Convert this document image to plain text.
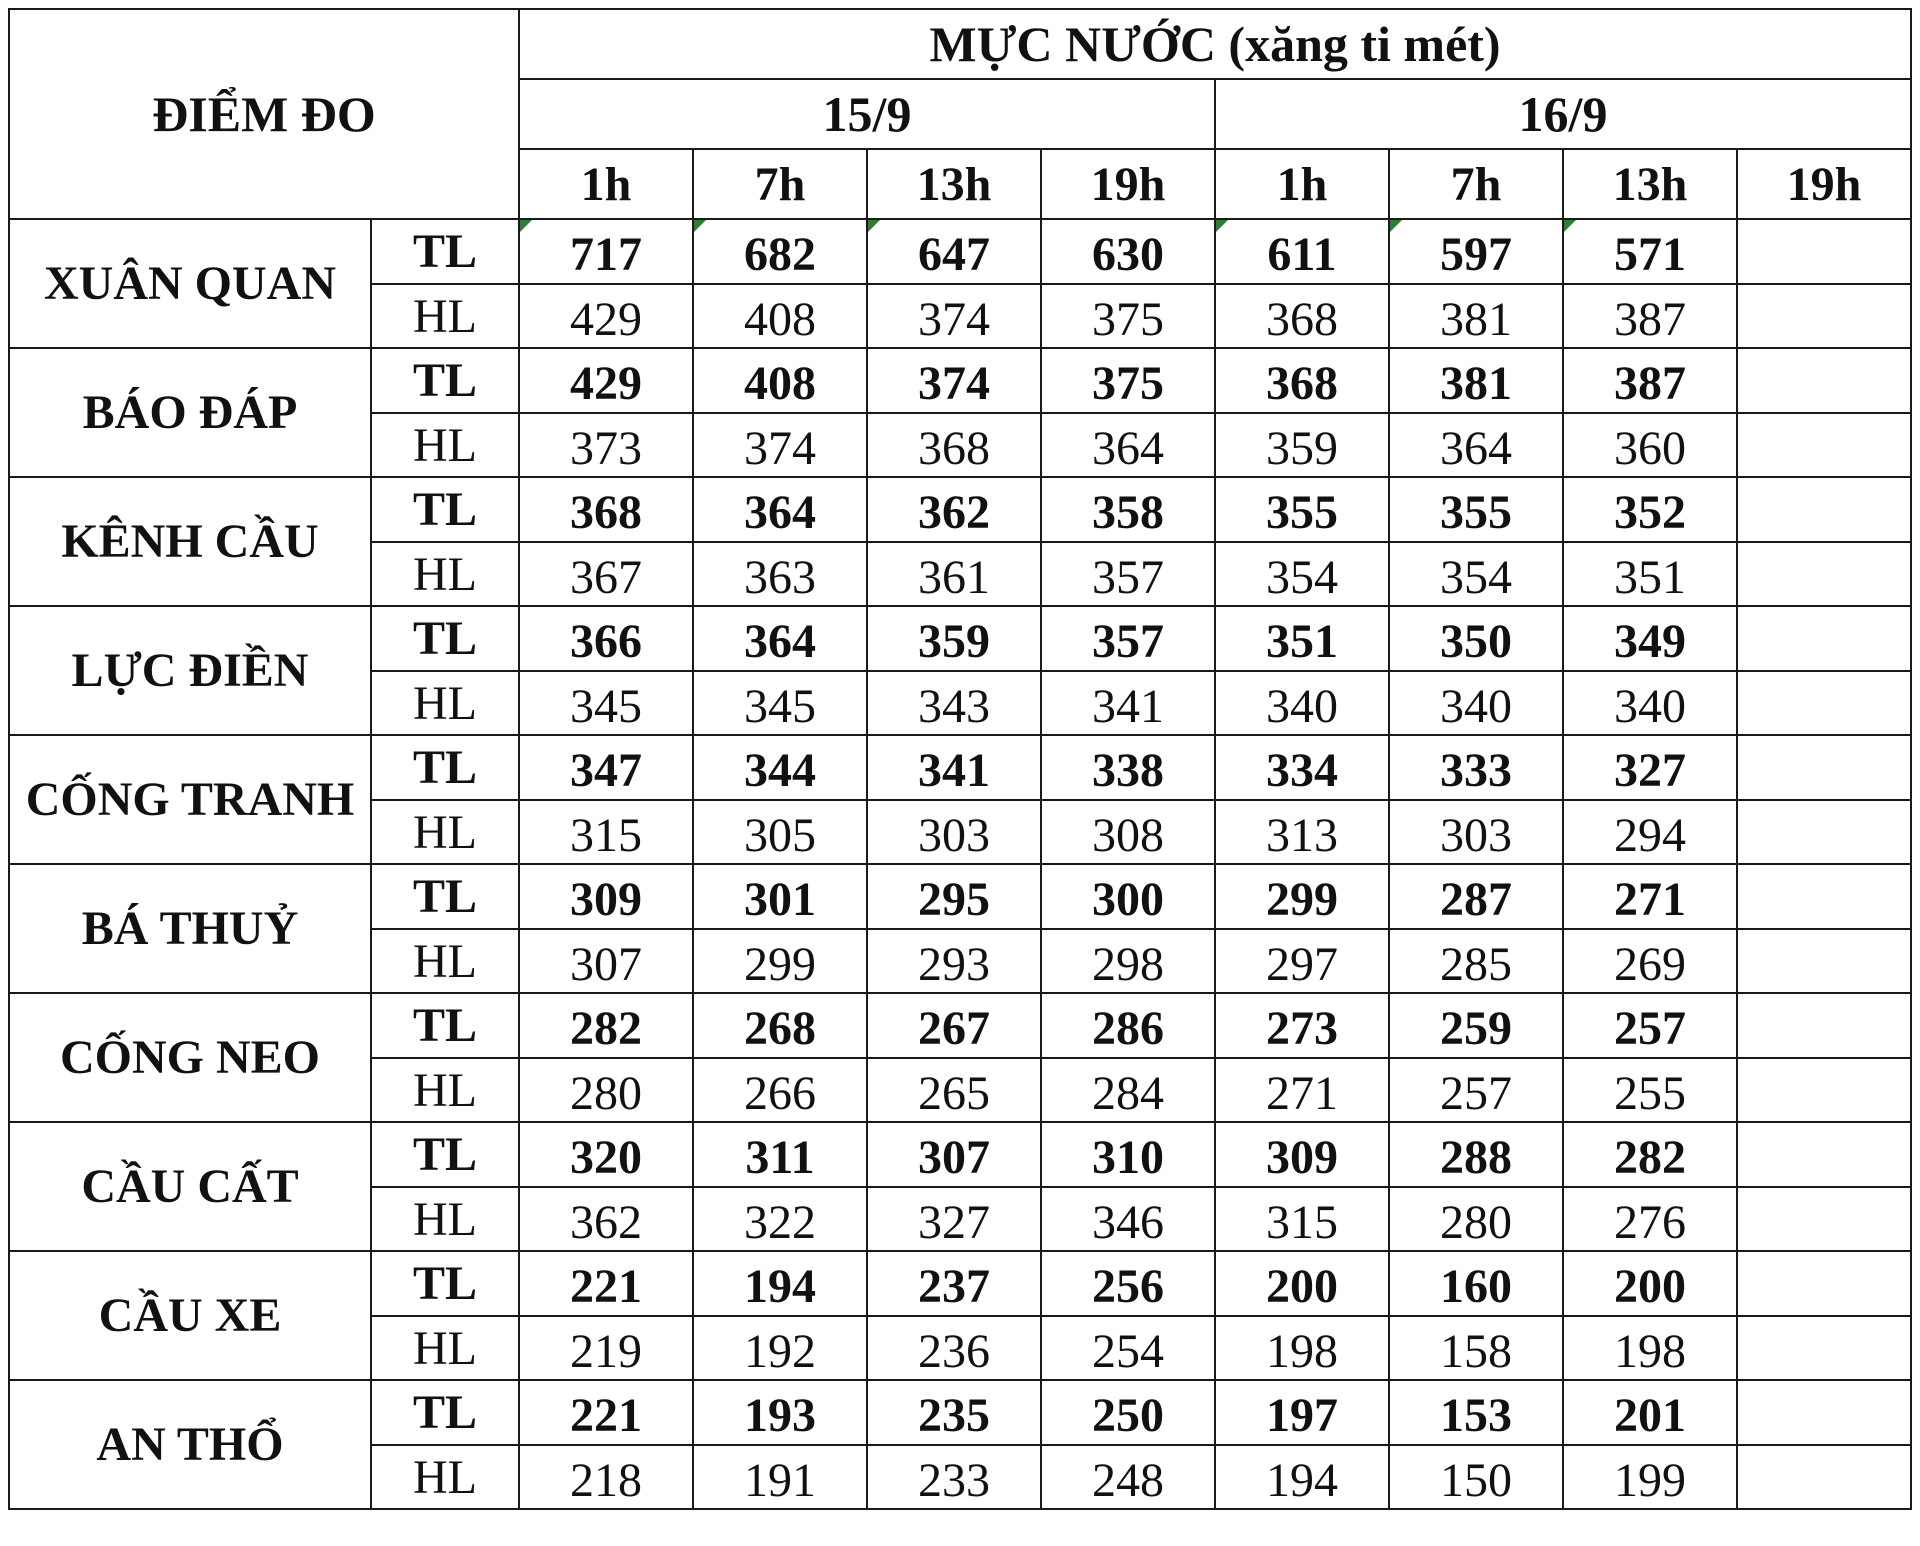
ĐIỂM ĐO		MỰC NƯỚC (xăng ti mét)							
		15/9				16/9			
		1h	7h	13h	19h	1h	7h	13h	19h
XUÂN QUAN	TL	717	682	647	630	611	597	571	
	HL	429	408	374	375	368	381	387	
BÁO ĐÁP	TL	429	408	374	375	368	381	387	
	HL	373	374	368	364	359	364	360	
KÊNH CẦU	TL	368	364	362	358	355	355	352	
	HL	367	363	361	357	354	354	351	
LỰC ĐIỀN	TL	366	364	359	357	351	350	349	
	HL	345	345	343	341	340	340	340	
CỐNG TRANH	TL	347	344	341	338	334	333	327	
	HL	315	305	303	308	313	303	294	
BÁ THUỶ	TL	309	301	295	300	299	287	271	
	HL	307	299	293	298	297	285	269	
CỐNG NEO	TL	282	268	267	286	273	259	257	
	HL	280	266	265	284	271	257	255	
CẦU CẤT	TL	320	311	307	310	309	288	282	
	HL	362	322	327	346	315	280	276	
CẦU XE	TL	221	194	237	256	200	160	200	
	HL	219	192	236	254	198	158	198	
AN THỔ	TL	221	193	235	250	197	153	201	
	HL	218	191	233	248	194	150	199	
